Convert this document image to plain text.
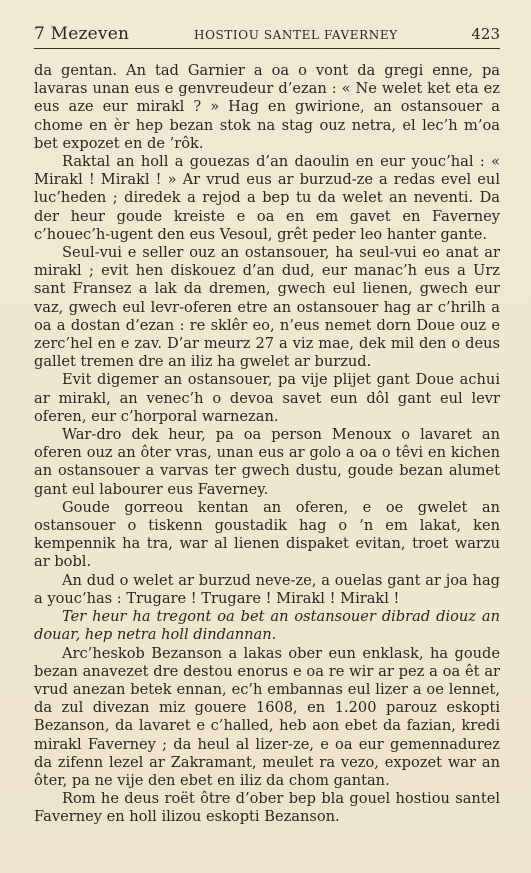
7 Mezeven	HOSTIOU SANTEL FAVERNEY	423

da gentan. An tad Garnier a oa o vont da gregi enne, pa lavaras unan eus e genvreudeur d’ezan : « Ne welet ket eta ez eus aze eur mirakl ? » Hag en gwirione, an ostansouer a chome en èr hep bezan stok na stag ouz netra, el lec’h m’oa bet expozet en de ’rôk.

Raktal an holl a gouezas d’an daoulin en eur youc’hal : « Mirakl ! Mirakl ! » Ar vrud eus ar burzud-ze a redas evel eul luc’heden ; diredek a rejod a bep tu da welet an neventi. Da der heur goude kreiste e oa en em gavet en Faverney c’houec’h-ugent den eus Vesoul, grêt peder leo hanter gante.

Seul-vui e seller ouz an ostansouer, ha seul-vui eo anat ar mirakl ; evit hen diskouez d’an dud, eur manac’h eus a Urz sant Fransez a lak da dremen, gwech eul lienen, gwech eur vaz, gwech eul levr-oferen etre an ostansouer hag ar c’hrilh a oa a dostan d’ezan : re sklêr eo, n’eus nemet dorn Doue ouz e zerc’hel en e zav. D’ar meurz 27 a viz mae, dek mil den o deus gallet tremen dre an iliz ha gwelet ar burzud.

Evit digemer an ostansouer, pa vije plijet gant Doue achui ar mirakl, an venec’h o devoa savet eun dôl gant eul levr oferen, eur c’horporal warnezan.

War-dro dek heur, pa oa person Menoux o lavaret an oferen ouz an ôter vras, unan eus ar golo a oa o têvi en kichen an ostansouer a varvas ter gwech dustu, goude bezan alumet gant eul labourer eus Faverney.

Goude gorreou kentan an oferen, e oe gwelet an ostansouer o tiskenn goustadik hag o ’n em lakat, ken kempennik ha tra, war al lienen dispaket evitan, troet warzu ar bobl.

An dud o welet ar burzud neve-ze, a ouelas gant ar joa hag a youc’has : Trugare ! Trugare ! Mirakl ! Mirakl !

Ter heur ha tregont oa bet an ostansouer dibrad diouz an douar, hep netra holl dindannan.

Arc’heskob Bezanson a lakas ober eun enklask, ha goude bezan anavezet dre destou enorus e oa re wir ar pez a oa êt ar vrud anezan betek ennan, ec’h embannas eul lizer a oe lennet, da zul divezan miz gouere 1608, en 1.200 parouz eskopti Bezanson, da lavaret e c’halled, heb aon ebet da fazian, kredi mirakl Faverney ; da heul al lizer-ze, e oa eur gemennadurez da zifenn lezel ar Zakramant, meulet ra vezo, expozet war an ôter, pa ne vije den ebet en iliz da chom gantan.

Rom he deus roët ôtre d’ober bep bla gouel hostiou santel Faverney en holl ilizou eskopti Bezanson.
